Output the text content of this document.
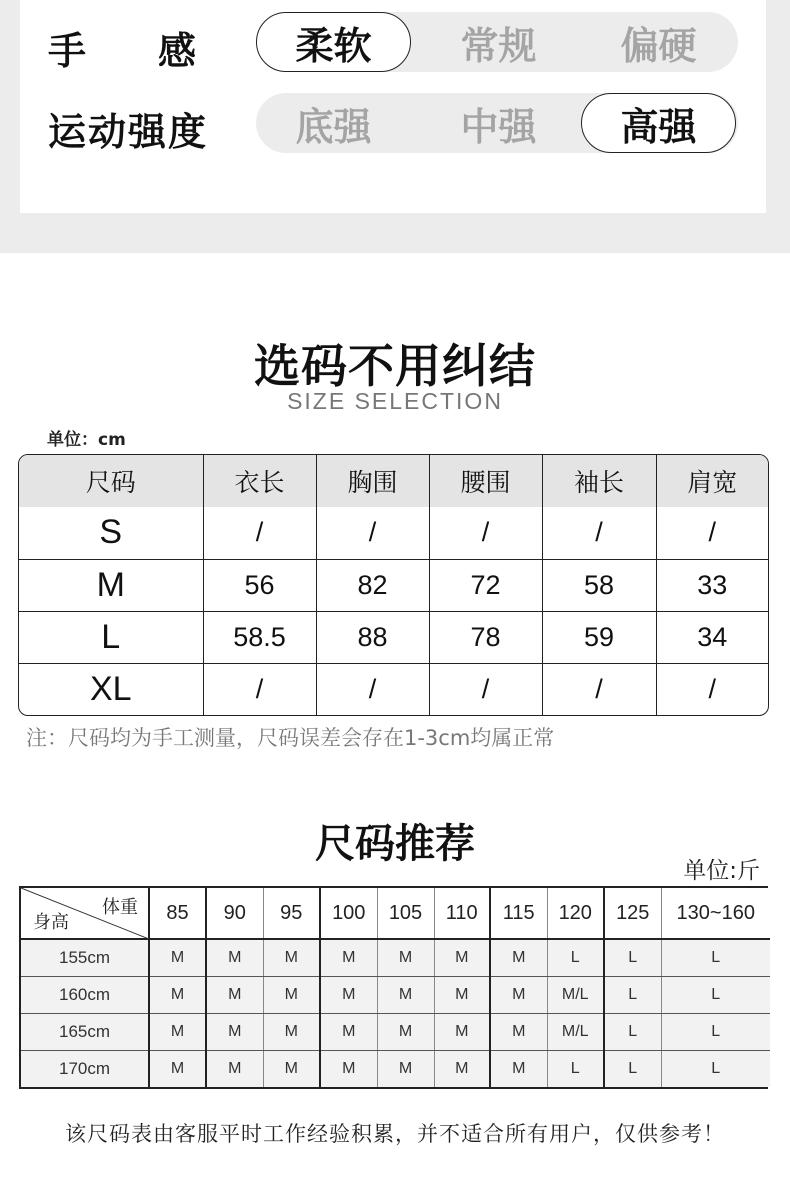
手 感	柔软	常规	偏硬
运动强度	底强	中强	高强
选码不用纠结
SIZE SELECTION
单位：cm
尺码	衣长	胸围	腰围	袖长	肩宽
S	/	/	/	/	/
M	56	82	72	58	33
L	58.5	88	78	59	34
XL	/	/	/	/	/
注：尺码均为手工测量，尺码误差会存在1-3cm均属正常
尺码推荐
单位:斤
体重
身高	85	90	95	100	105	110	115	120	125	130~160
155cm	M	M	M	M	M	M	M	L	L	L
160cm	M	M	M	M	M	M	M	M/L	L	L
165cm	M	M	M	M	M	M	M	M/L	L	L
170cm	M	M	M	M	M	M	M	L	L	L
该尺码表由客服平时工作经验积累，并不适合所有用户，仅供参考！
